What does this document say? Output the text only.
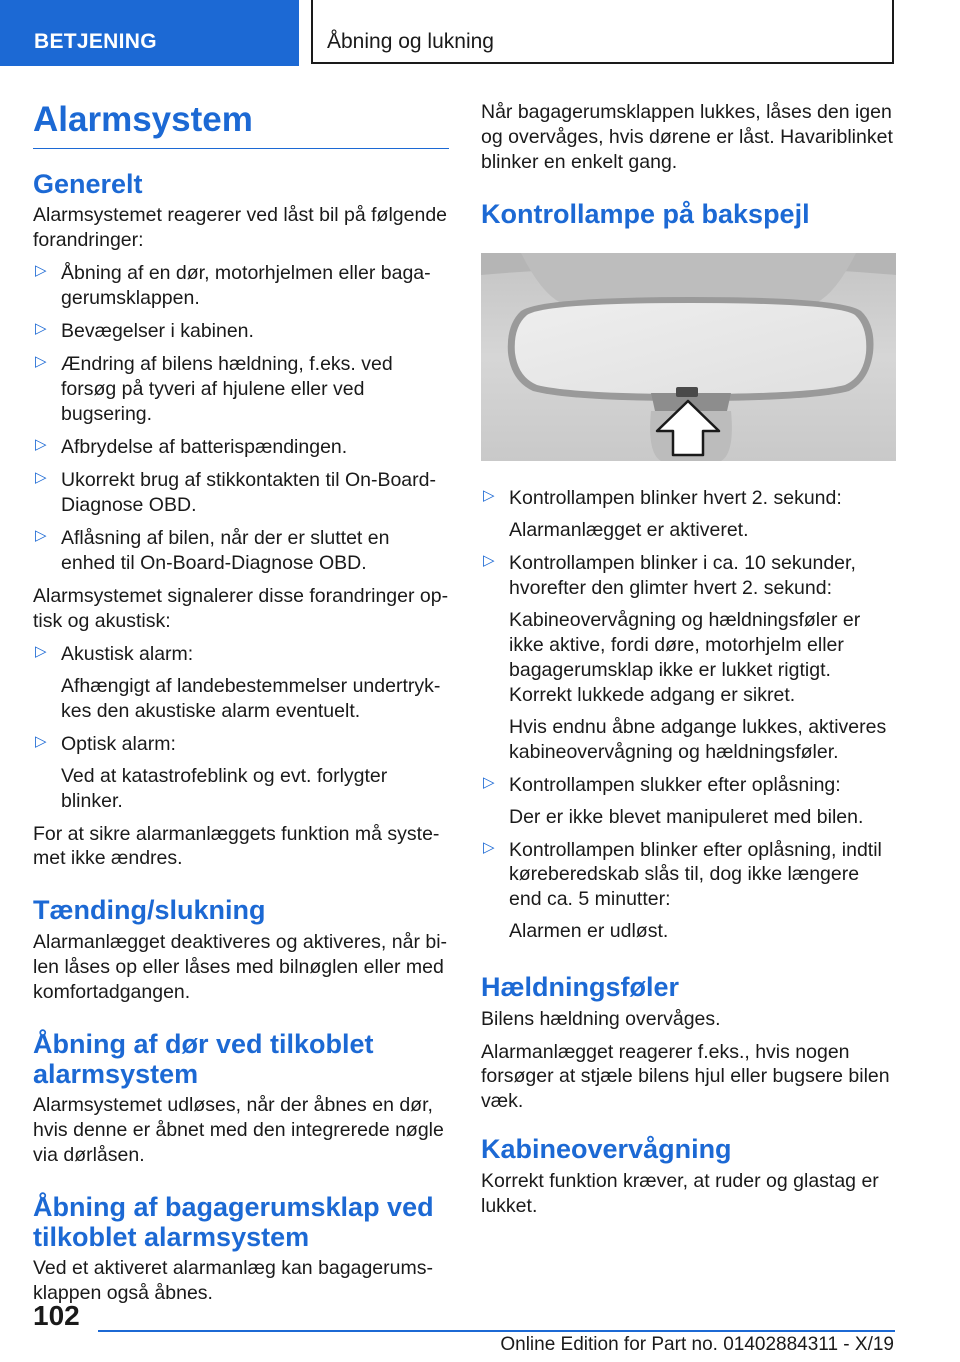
BETJENING	Åbning og lukning
Alarmsystem
Generelt

Alarmsystemet reagerer ved låst bil på følgende forandringer:

▷ Åbning af en dør, motorhjelmen eller bagagerumsklappen.
▷ Bevægelser i kabinen.
▷ Ændring af bilens hældning, f.eks. ved forsøg på tyveri af hjulene eller ved bugsering.
▷ Afbrydelse af batterispændingen.
▷ Ukorrekt brug af stikkontakten til On-Board-Diagnose OBD.
▷ Aflåsning af bilen, når der er sluttet en enhed til On-Board-Diagnose OBD.

Alarmsystemet signalerer disse forandringer optisk og akustisk:

▷ Akustisk alarm:
Afhængigt af landebestemmelser undertrykkes den akustiske alarm eventuelt.
▷ Optisk alarm:
Ved at katastrofeblink og evt. forlygter blinker.

For at sikre alarmanlæggets funktion må systemet ikke ændres.

Tænding/slukning

Alarmanlægget deaktiveres og aktiveres, når bilen låses op eller låses med bilnøglen eller med komfortadgangen.

Åbning af dør ved tilkoblet alarmsystem

Alarmsystemet udløses, når der åbnes en dør, hvis denne er åbnet med den integrerede nøgle via dørlåsen.

Åbning af bagagerumsklap ved tilkoblet alarmsystem

Ved et aktiveret alarmanlæg kan bagagerumsklappen også åbnes.

Når bagagerumsklappen lukkes, låses den igen og overvåges, hvis dørene er låst. Havariblinket blinker en enkelt gang.

Kontrollampe på bakspejl
▷ Kontrollampen blinker hvert 2. sekund:
Alarmanlægget er aktiveret.
▷ Kontrollampen blinker i ca. 10 sekunder, hvorefter den glimter hvert 2. sekund:
Kabineovervågning og hældningsføler er ikke aktive, fordi døre, motorhjelm eller bagagerumsklap ikke er lukket rigtigt. Korrekt lukkede adgang er sikret.
Hvis endnu åbne adgange lukkes, aktiveres kabineovervågning og hældningsføler.
▷ Kontrollampen slukker efter oplåsning:
Der er ikke blevet manipuleret med bilen.
▷ Kontrollampen blinker efter oplåsning, indtil køreberedskab slås til, dog ikke længere end ca. 5 minutter:
Alarmen er udløst.
Hældningsføler

Bilens hældning overvåges.

Alarmanlægget reagerer f.eks., hvis nogen forsøger at stjæle bilens hjul eller bugsere bilen væk.

Kabineovervågning

Korrekt funktion kræver, at ruder og glastag er lukket.

102
Online Edition for Part no. 01402884311 - X/19
